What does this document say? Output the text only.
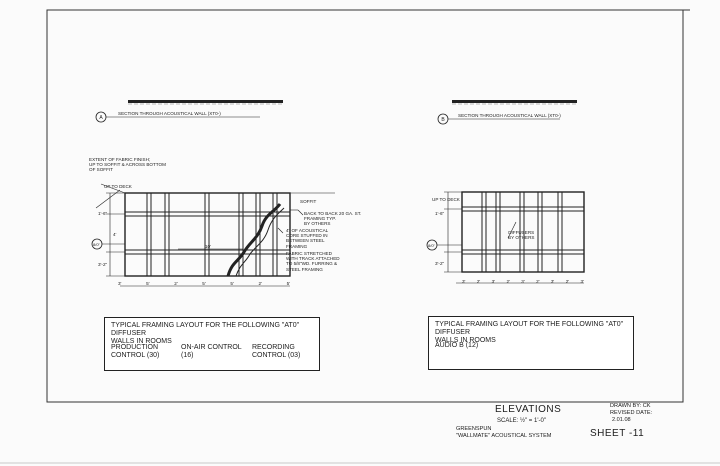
A
SECTION THROUGH ACOUSTICAL WALL (XT0-)
B
SECTION THROUGH ACOUSTICAL WALL (XT0-)
UP TO DECK
SOFFIT
1'-6"
4'
8/0"
3'-2"
10'
UP TO DECK
1'-6"
3'-2"
8/0"
BACK TO BACK 20 GA. ST.
FRAMING TYP.
BY OTHERS
4" OF ACOUSTICAL
CORE STUFFED IN
BETWEEN STEEL
FRAMING
FABRIC STRETCHED
WITH TRACK ATTACHED
TO 5/8"WD. FURRING &
STEEL FRAMING
DIFFUSERS
BY OTHERS
3'	5'	2'	5'	5'	2'	5'	3' 2' 3' 2' 3' 2' 3' 2' 3'
EXTENT OF FABRIC FINISH;
UP TO SOFFIT & ACROSS BOTTOM
OF SOFFIT
TYPICAL FRAMING LAYOUT FOR THE FOLLOWING "AT0" DIFFUSER
WALLS IN ROOMS
PRODUCTION
CONTROL (30)
ON-AIR CONTROL
(16)
RECORDING
CONTROL (03)
TYPICAL FRAMING LAYOUT FOR THE FOLLOWING "AT0" DIFFUSER
WALLS IN ROOMS
AUDIO B (12)
ELEVATIONS
SCALE: ½" = 1'-0"
DRAWN BY: CK
REVISED DATE:
2.01.08
GREENSPUN
"WALLMATE" ACOUSTICAL SYSTEM	SHEET -11
